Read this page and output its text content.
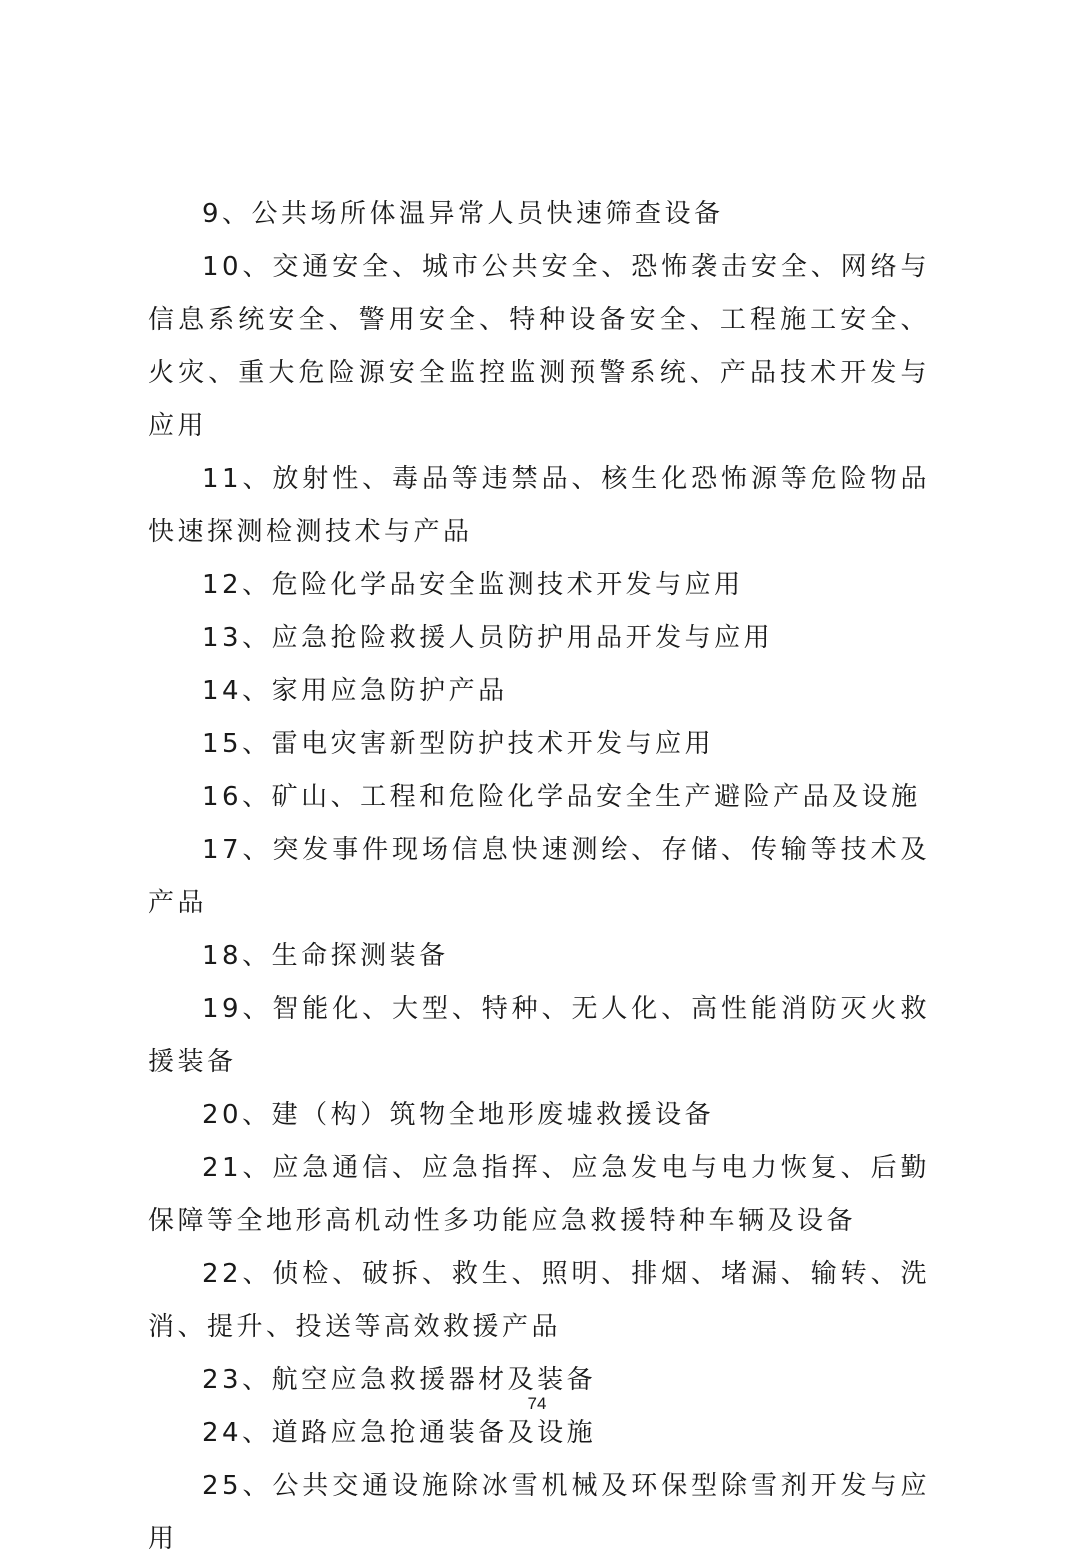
9、公共场所体温异常人员快速筛查设备

10、交通安全、城市公共安全、恐怖袭击安全、网络与信息系统安全、警用安全、特种设备安全、工程施工安全、火灾、重大危险源安全监控监测预警系统、产品技术开发与应用

11、放射性、毒品等违禁品、核生化恐怖源等危险物品快速探测检测技术与产品

12、危险化学品安全监测技术开发与应用

13、应急抢险救援人员防护用品开发与应用

14、家用应急防护产品

15、雷电灾害新型防护技术开发与应用

16、矿山、工程和危险化学品安全生产避险产品及设施

17、突发事件现场信息快速测绘、存储、传输等技术及产品

18、生命探测装备

19、智能化、大型、特种、无人化、高性能消防灭火救援装备

20、建（构）筑物全地形废墟救援设备

21、应急通信、应急指挥、应急发电与电力恢复、后勤保障等全地形高机动性多功能应急救援特种车辆及设备

22、侦检、破拆、救生、照明、排烟、堵漏、输转、洗消、提升、投送等高效救援产品

23、航空应急救援器材及装备

24、道路应急抢通装备及设施

25、公共交通设施除冰雪机械及环保型除雪剂开发与应用

74
